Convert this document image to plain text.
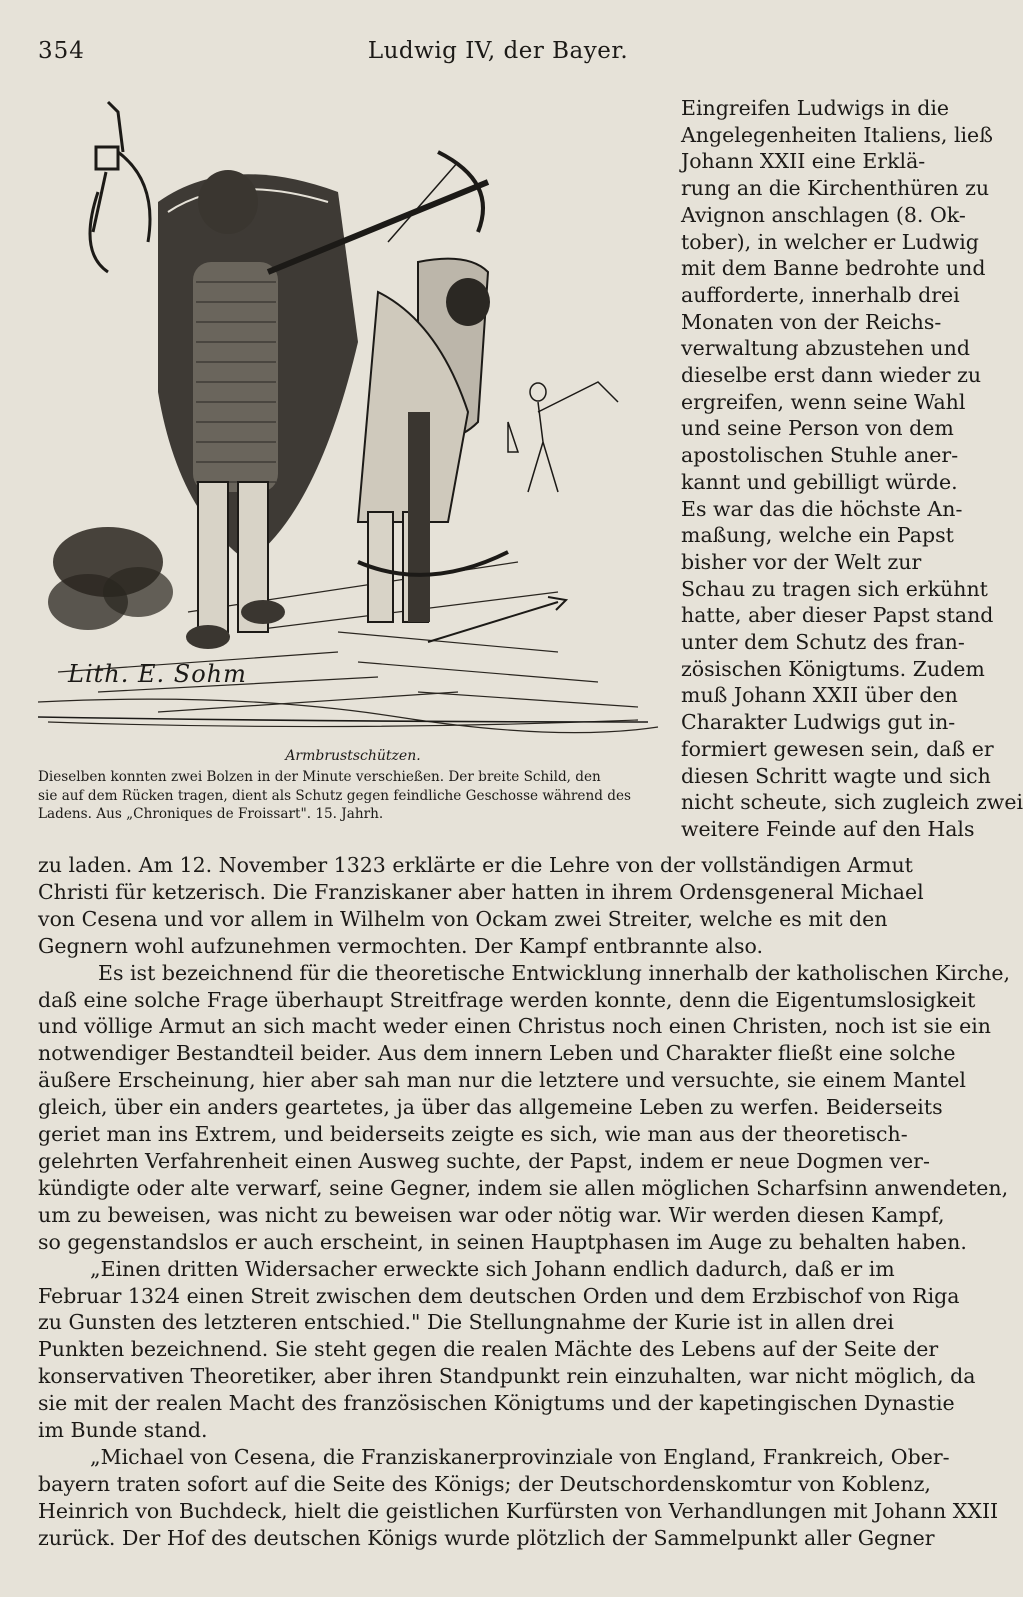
354	Ludwig IV, der Bayer.
Lith. E. Sohm
Armbrustschützen.
Dieselben konnten zwei Bolzen in der Minute verschießen. Der breite Schild, den
sie auf dem Rücken tragen, dient als Schutz gegen feindliche Geschosse während des
Ladens. Aus „Chroniques de Froissart". 15. Jahrh.
Eingreifen Ludwigs in die
Angelegenheiten Italiens, ließ
Johann XXII eine Erklä-
rung an die Kirchenthüren zu
Avignon anschlagen (8. Ok-
tober), in welcher er Ludwig
mit dem Banne bedrohte und
aufforderte, innerhalb drei
Monaten von der Reichs-
verwaltung abzustehen und
dieselbe erst dann wieder zu
ergreifen, wenn seine Wahl
und seine Person von dem
apostolischen Stuhle aner-
kannt und gebilligt würde.
Es war das die höchste An-
maßung, welche ein Papst
bisher vor der Welt zur
Schau zu tragen sich erkühnt
hatte, aber dieser Papst stand
unter dem Schutz des fran-
zösischen Königtums. Zudem
muß Johann XXII über den
Charakter Ludwigs gut in-
formiert gewesen sein, daß er
diesen Schritt wagte und sich
nicht scheute, sich zugleich zwei
weitere Feinde auf den Hals
zu laden. Am 12. November 1323 erklärte er die Lehre von der vollständigen Armut
Christi für ketzerisch. Die Franziskaner aber hatten in ihrem Ordensgeneral Michael
von Cesena und vor allem in Wilhelm von Ockam zwei Streiter, welche es mit den
Gegnern wohl aufzunehmen vermochten. Der Kampf entbrannte also.
Es ist bezeichnend für die theoretische Entwicklung innerhalb der katholischen Kirche,
daß eine solche Frage überhaupt Streitfrage werden konnte, denn die Eigentumslosigkeit
und völlige Armut an sich macht weder einen Christus noch einen Christen, noch ist sie ein
notwendiger Bestandteil beider. Aus dem innern Leben und Charakter fließt eine solche
äußere Erscheinung, hier aber sah man nur die letztere und versuchte, sie einem Mantel
gleich, über ein anders geartetes, ja über das allgemeine Leben zu werfen. Beiderseits
geriet man ins Extrem, und beiderseits zeigte es sich, wie man aus der theoretisch-
gelehrten Verfahrenheit einen Ausweg suchte, der Papst, indem er neue Dogmen ver-
kündigte oder alte verwarf, seine Gegner, indem sie allen möglichen Scharfsinn anwendeten,
um zu beweisen, was nicht zu beweisen war oder nötig war. Wir werden diesen Kampf,
so gegenstandslos er auch erscheint, in seinen Hauptphasen im Auge zu behalten haben.
„Einen dritten Widersacher erweckte sich Johann endlich dadurch, daß er im
Februar 1324 einen Streit zwischen dem deutschen Orden und dem Erzbischof von Riga
zu Gunsten des letzteren entschied." Die Stellungnahme der Kurie ist in allen drei
Punkten bezeichnend. Sie steht gegen die realen Mächte des Lebens auf der Seite der
konservativen Theoretiker, aber ihren Standpunkt rein einzuhalten, war nicht möglich, da
sie mit der realen Macht des französischen Königtums und der kapetingischen Dynastie
im Bunde stand.
„Michael von Cesena, die Franziskanerprovinziale von England, Frankreich, Ober-
bayern traten sofort auf die Seite des Königs; der Deutschordenskomtur von Koblenz,
Heinrich von Buchdeck, hielt die geistlichen Kurfürsten von Verhandlungen mit Johann XXII
zurück. Der Hof des deutschen Königs wurde plötzlich der Sammelpunkt aller Gegner
